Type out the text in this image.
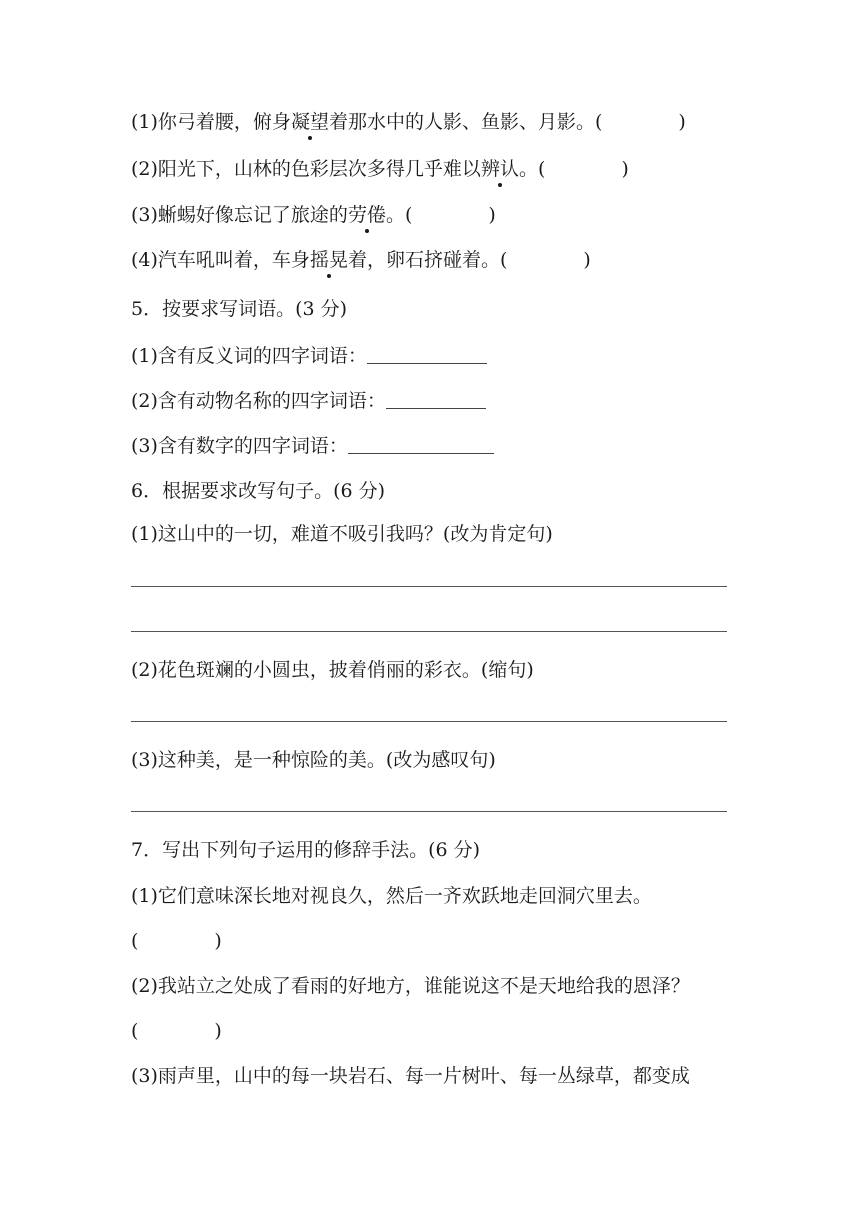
(1)你弓着腰，俯身凝望着那水中的人影、鱼影、月影。(	)
(2)阳光下，山林的色彩层次多得几乎难以辨认。(	)
(3)蜥蜴好像忘记了旅途的劳倦。(	)
(4)汽车吼叫着，车身摇晃着，卵石挤碰着。(	)
5．按要求写词语。(3 分)
(1)含有反义词的四字词语：
(2)含有动物名称的四字词语：
(3)含有数字的四字词语：
6．根据要求改写句子。(6 分)
(1)这山中的一切，难道不吸引我吗？(改为肯定句)
(2)花色斑斓的小圆虫，披着俏丽的彩衣。(缩句)
(3)这种美，是一种惊险的美。(改为感叹句)
7．写出下列句子运用的修辞手法。(6 分)
(1)它们意味深长地对视良久，然后一齐欢跃地走回洞穴里去。
(	)
(2)我站立之处成了看雨的好地方，谁能说这不是天地给我的恩泽？
(	)
(3)雨声里，山中的每一块岩石、每一片树叶、每一丛绿草，都变成
